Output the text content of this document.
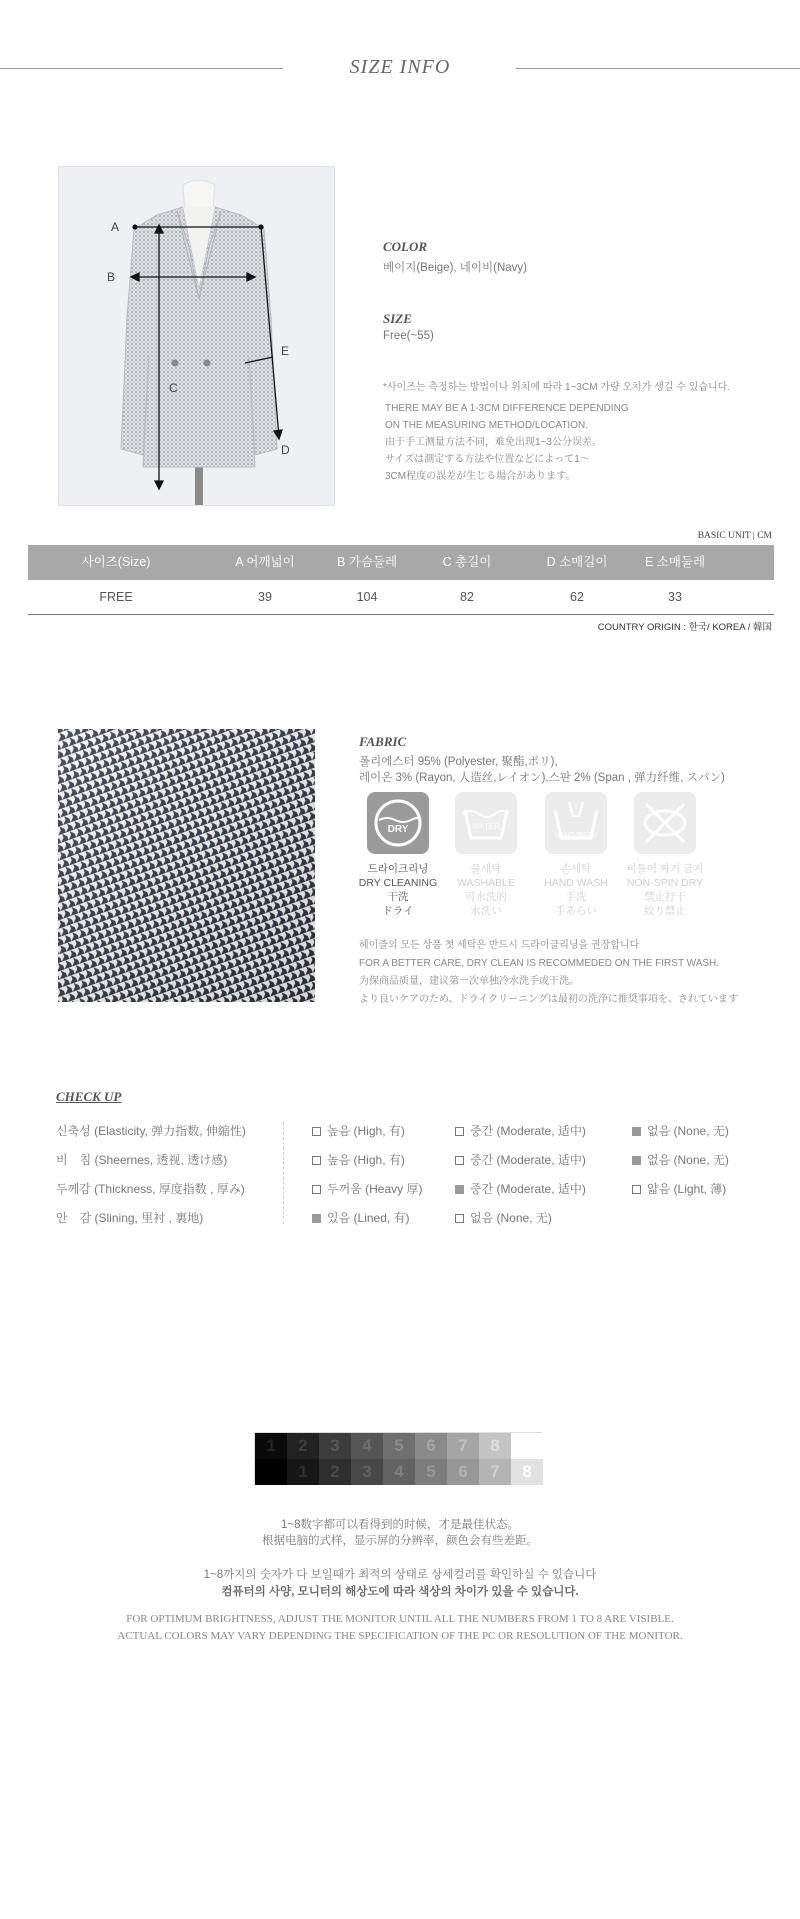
SIZE INFO
A
B
C
D
E
COLOR
베이지(Beige), 네이비(Navy)
SIZE
Free(~55)
*사이즈는 측정하는 방법이나 위치에 따라 1~3CM 가량 오차가 생길 수 있습니다.
THERE MAY BE A 1-3CM DIFFERENCE DEPENDING
ON THE MEASURING METHOD/LOCATION.
由于手工测量方法不同，难免出现1~3公分误差。
サイズは測定する方法や位置などによって1～
3CM程度の誤差が生じる場合があります。
BASIC UNIT | CM
사이즈(Size)	A 어깨넓이	B 가슴둘레	C 총길이	D 소매길이	E 소매둘레
FREE	39	104	82	62	33
COUNTRY ORIGIN : 한국/ KOREA / 韓国
FABRIC
폴리에스터 95% (Polyester, 聚酯,ポリ),
레이온 3% (Rayon, 人造丝,レイオン),스판 2% (Span , 弹力纤维, スパン)
DRY	WATER
HAND WASH
드라이크리닝
DRY CLEANING
干洗
ドライ
물세탁
WASHABLE
可水洗的
水洗い
손세탁
HAND WASH
手洗
手あらい
비틀어 짜기 금지
NON-SPIN DRY
禁止拧干
絞り禁止
헤이즐의 모든 상품 첫 세탁은 반드시 드라이클리닝을 권장합니다
FOR A BETTER CARE, DRY CLEAN IS RECOMMEDED ON THE FIRST WASH.
为保商品质量，建议第一次单独冷水洗手或干洗。
より良いケアのため、ドライクリーニングは最初の洗浄に推奨事項を、されています
CHECK UP
신축성 (Elasticity, 弹力指数, 伸縮性)	높음 (High, 有)	중간 (Moderate, 适中)	없음 (None, 无)
비　침 (Sheernes, 透视, 透け感)	높음 (High, 有)	중간 (Moderate, 适中)	없음 (None, 无)
두께감 (Thickness, 厚度指数 , 厚み)	두꺼움 (Heavy 厚)	중간 (Moderate, 适中)	얇음 (Light, 薄)
안　감 (Slining, 里衬 , 裏地)	있음 (Lined, 有)	없음 (None, 无)
1	2	3	4	5	6	7	8
1	2	3	4	5	6	7	8
1~8数字都可以看得到的时候，才是最佳状态。
根据电脑的式样，显示屏的分辨率，颜色会有些差距。
1~8까지의 숫자가 다 보일때가 최적의 상태로 상세컬러를 확인하실 수 있습니다
컴퓨터의 사양, 모니터의 해상도에 따라 색상의 차이가 있을 수 있습니다.
FOR OPTIMUM BRIGHTNESS, ADJUST THE MONITOR UNTIL ALL THE NUMBERS FROM 1 TO 8 ARE VISIBLE.
ACTUAL COLORS MAY VARY DEPENDING THE SPECIFICATION OF THE PC OR RESOLUTION OF THE MONITOR.
